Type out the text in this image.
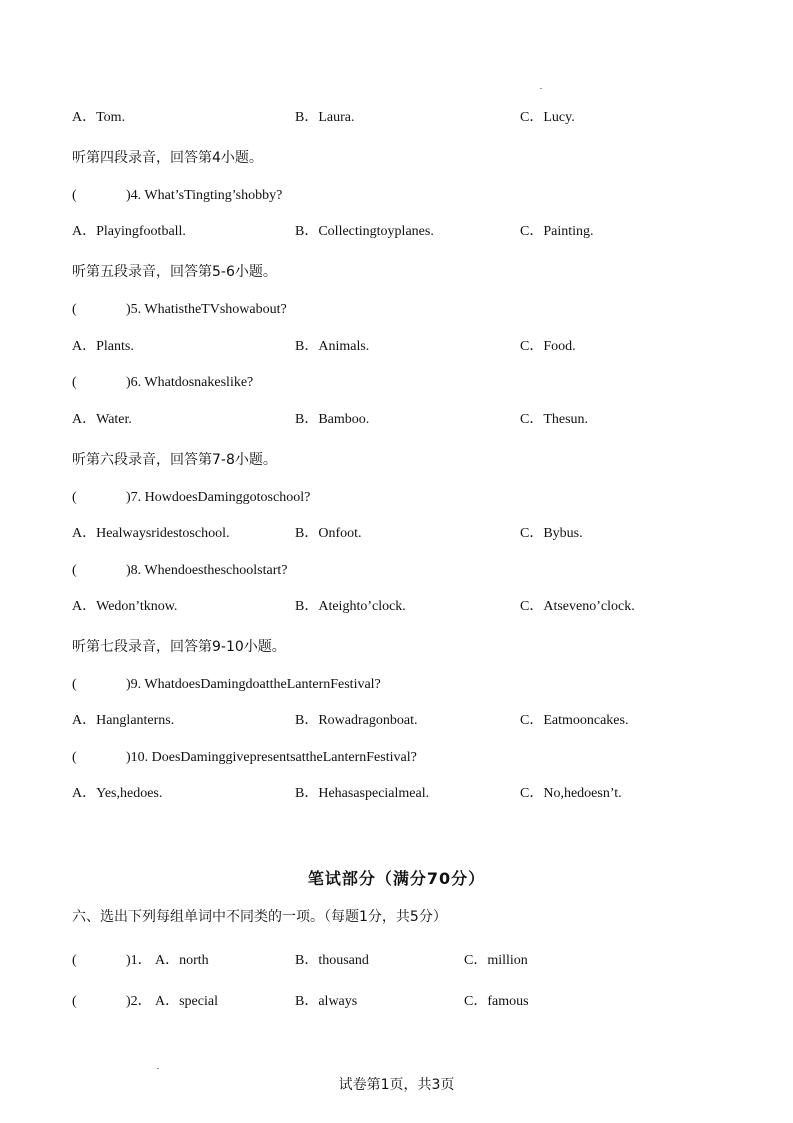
A．Tom.	B．Laura.	C．Lucy.
听第四段录音，回答第4小题。
(	)4. What’sTingting’shobby?
A．Playingfootball.	B．Collectingtoyplanes.	C．Painting.
听第五段录音，回答第5-6小题。
(	)5. WhatistheTVshowabout?
A．Plants.	B．Animals.	C．Food.
(	)6. Whatdosnakeslike?
A．Water.	B．Bamboo.	C．Thesun.
听第六段录音，回答第7-8小题。
(	)7. HowdoesDaminggotoschool?
A．Healwaysridestoschool.	B．Onfoot.	C．Bybus.
(	)8. Whendoestheschoolstart?
A．Wedon’tknow.	B．Ateighto’clock.	C．Atseveno’clock.
听第七段录音，回答第9-10小题。
(	)9. WhatdoesDamingdoattheLanternFestival?
A．Hanglanterns.	B．Rowadragonboat.	C．Eatmooncakes.
(	)10. DoesDaminggivepresentsattheLanternFestival?
A．Yes,hedoes.	B．Hehasaspecialmeal.	C．No,hedoesn’t.
笔试部分（满分70分）
六、选出下列每组单词中不同类的一项。（每题1分，共5分）
(	)1． A．north	B．thousand	C．million
(	)2． A．special	B．always	C．famous
试卷第1页，共3页
